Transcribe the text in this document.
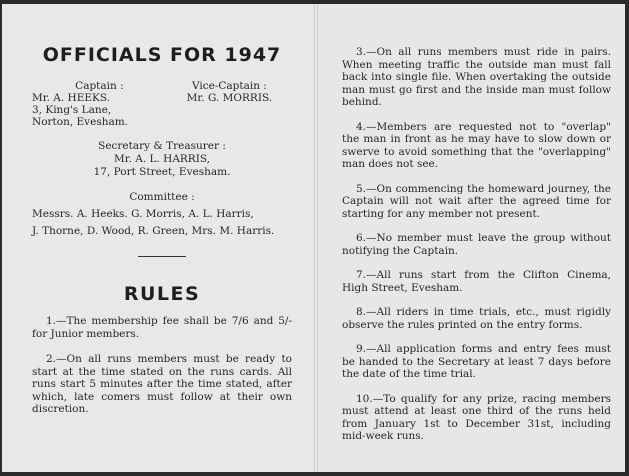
OFFICIALS FOR 1947
Captain :
Mr. A. HEEKS.
3, King's Lane,
Norton, Evesham.
Vice-Captain :
Mr. G. MORRIS.
Secretary & Treasurer :
Mr. A. L. HARRIS,
17, Port Street, Evesham.
Committee :
Messrs. A. Heeks. G. Morris, A. L. Harris,
J. Thorne, D. Wood, R. Green, Mrs. M. Harris.
RULES

1.—The membership fee shall be 7/6 and 5/- for Junior members.

2.—On all runs members must be ready to start at the time stated on the runs cards. All runs start 5 minutes after the time stated, after which, late comers must follow at their own discretion.

3.—On all runs members must ride in pairs. When meeting traffic the outside man must fall back into single file. When overtaking the outside man must go first and the inside man must follow behind.

4.—Members are requested not to "overlap" the man in front as he may have to slow down or swerve to avoid something that the "overlapping" man does not see.

5.—On commencing the homeward journey, the Captain will not wait after the agreed time for starting for any member not present.

6.—No member must leave the group without notifying the Captain.

7.—All runs start from the Clifton Cinema, High Street, Evesham.

8.—All riders in time trials, etc., must rigidly observe the rules printed on the entry forms.

9.—All application forms and entry fees must be handed to the Secretary at least 7 days before the date of the time trial.

10.—To qualify for any prize, racing members must attend at least one third of the runs held from January 1st to December 31st, including mid-week runs.
